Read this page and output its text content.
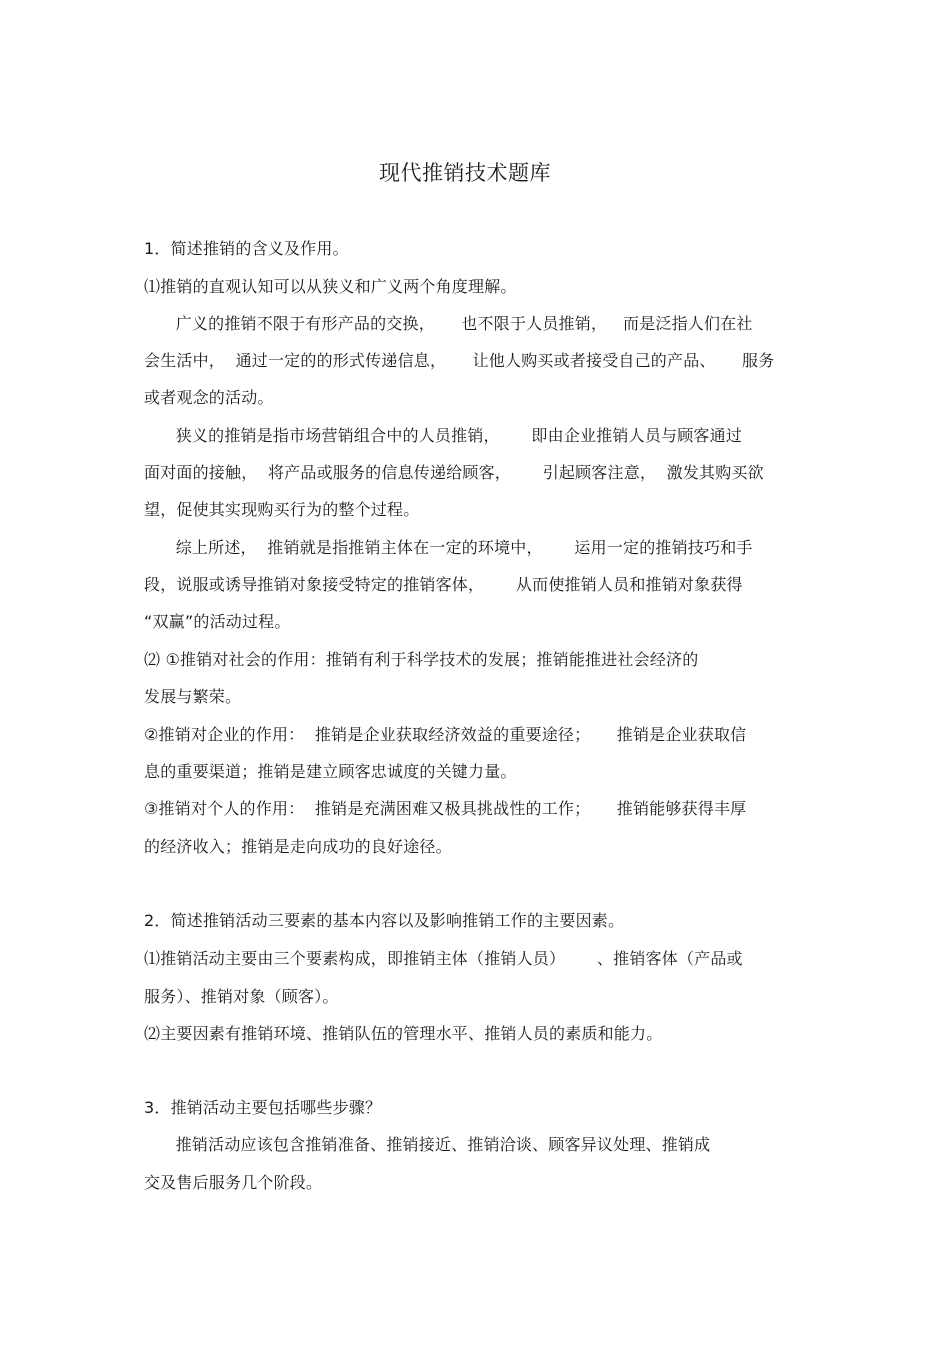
现代推销技术题库
1．简述推销的含义及作用。
⑴推销的直观认知可以从狭义和广义两个角度理解。
广义的推销不限于有形产品的交换，     也不限于人员推销，   而是泛指人们在社
会生活中，  通过一定的的形式传递信息，     让他人购买或者接受自己的产品、     服务
或者观念的活动。
狭义的推销是指市场营销组合中的人员推销，      即由企业推销人员与顾客通过
面对面的接触，  将产品或服务的信息传递给顾客，      引起顾客注意，  激发其购买欲
望，促使其实现购买行为的整个过程。
综上所述，  推销就是指推销主体在一定的环境中，      运用一定的推销技巧和手
段，说服或诱导推销对象接受特定的推销客体，      从而使推销人员和推销对象获得
“双赢”的活动过程。
⑵ ①推销对社会的作用：推销有利于科学技术的发展；推销能推进社会经济的
发展与繁荣。
②推销对企业的作用：  推销是企业获取经济效益的重要途径；     推销是企业获取信
息的重要渠道；推销是建立顾客忠诚度的关键力量。
③推销对个人的作用：  推销是充满困难又极具挑战性的工作；     推销能够获得丰厚
的经济收入；推销是走向成功的良好途径。
2．简述推销活动三要素的基本内容以及影响推销工作的主要因素。
⑴推销活动主要由三个要素构成，即推销主体（推销人员）      、推销客体（产品或
服务）、推销对象（顾客）。
⑵主要因素有推销环境、推销队伍的管理水平、推销人员的素质和能力。
3．推销活动主要包括哪些步骤？
推销活动应该包含推销准备、推销接近、推销洽谈、顾客异议处理、推销成
交及售后服务几个阶段。
